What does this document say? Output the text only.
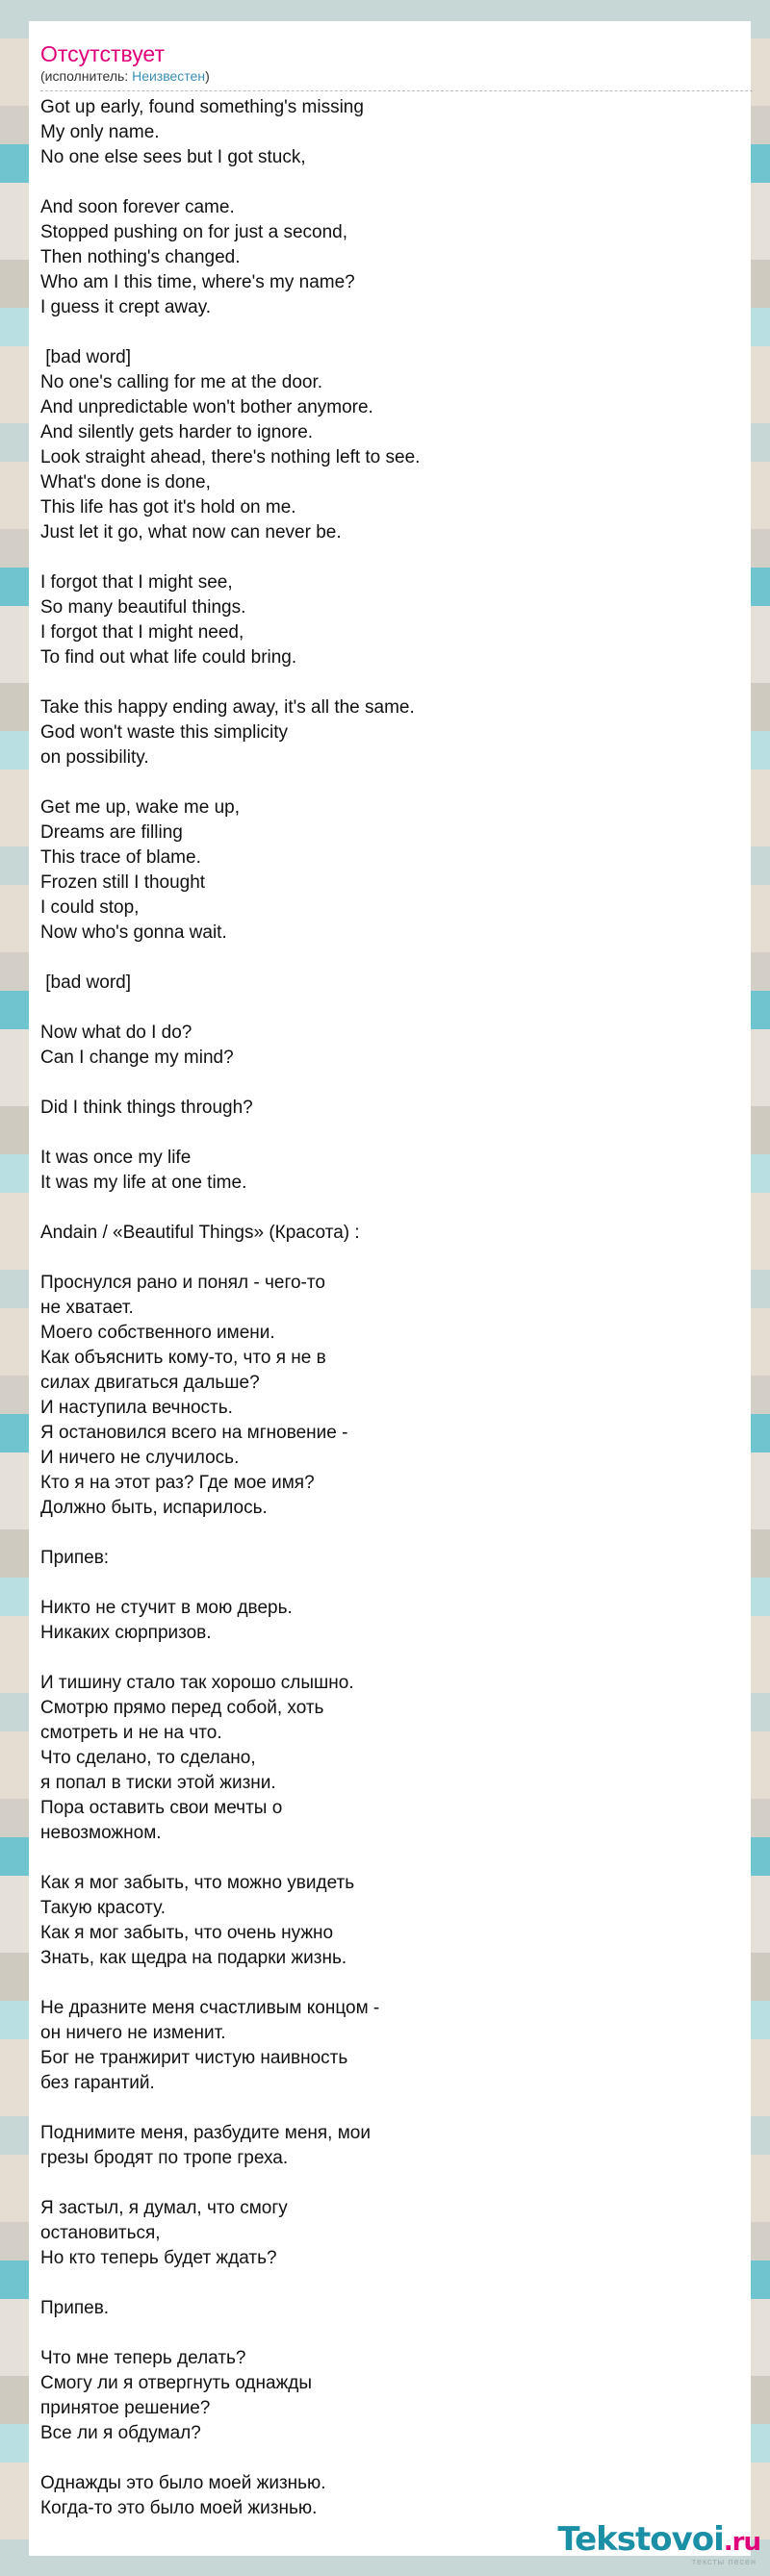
Отсутствует
(исполнитель: Неизвестен)
Got up early, found something's missing
My only name.
No one else sees but I got stuck,
And soon forever came.
Stopped pushing on for just a second,
Then nothing's changed.
Who am I this time, where's my name?
I guess it crept away.
[bad word]
No one's calling for me at the door.
And unpredictable won't bother anymore.
And silently gets harder to ignore.
Look straight ahead, there's nothing left to see.
What's done is done,
This life has got it's hold on me.
Just let it go, what now can never be.
I forgot that I might see,
So many beautiful things.
I forgot that I might need,
To find out what life could bring.
Take this happy ending away, it's all the same.
God won't waste this simplicity
on possibility.
Get me up, wake me up,
Dreams are filling
This trace of blame.
Frozen still I thought
I could stop,
Now who's gonna wait.
[bad word]
Now what do I do?
Can I change my mind?
Did I think things through?
It was once my life
It was my life at one time.
Andain / «Beautiful Things» (Красота) :
Проснулся рано и понял - чего-то
не хватает.
Моего собственного имени.
Как объяснить кому-то, что я не в
силах двигаться дальше?
И наступила вечность.
Я остановился всего на мгновение -
И ничего не случилось.
Кто я на этот раз? Где мое имя?
Должно быть, испарилось.
Припев:
Никто не стучит в мою дверь.
Никаких сюрпризов.
И тишину стало так хорошо слышно.
Смотрю прямо перед собой, хоть
смотреть и не на что.
Что сделано, то сделано,
я попал в тиски этой жизни.
Пора оставить свои мечты о
невозможном.
Как я мог забыть, что можно увидеть
Такую красоту.
Как я мог забыть, что очень нужно
Знать, как щедра на подарки жизнь.
Не дразните меня счастливым концом -
он ничего не изменит.
Бог не транжирит чистую наивность
без гарантий.
Поднимите меня, разбудите меня, мои
грезы бродят по тропе греха.
Я застыл, я думал, что смогу
остановиться,
Но кто теперь будет ждать?
Припев.
Что мне теперь делать?
Смогу ли я отвергнуть однажды
принятое решение?
Все ли я обдумал?
Однажды это было моей жизнью.
Когда-то это было моей жизнью.
Tekstovoi.ru
тексты песен
